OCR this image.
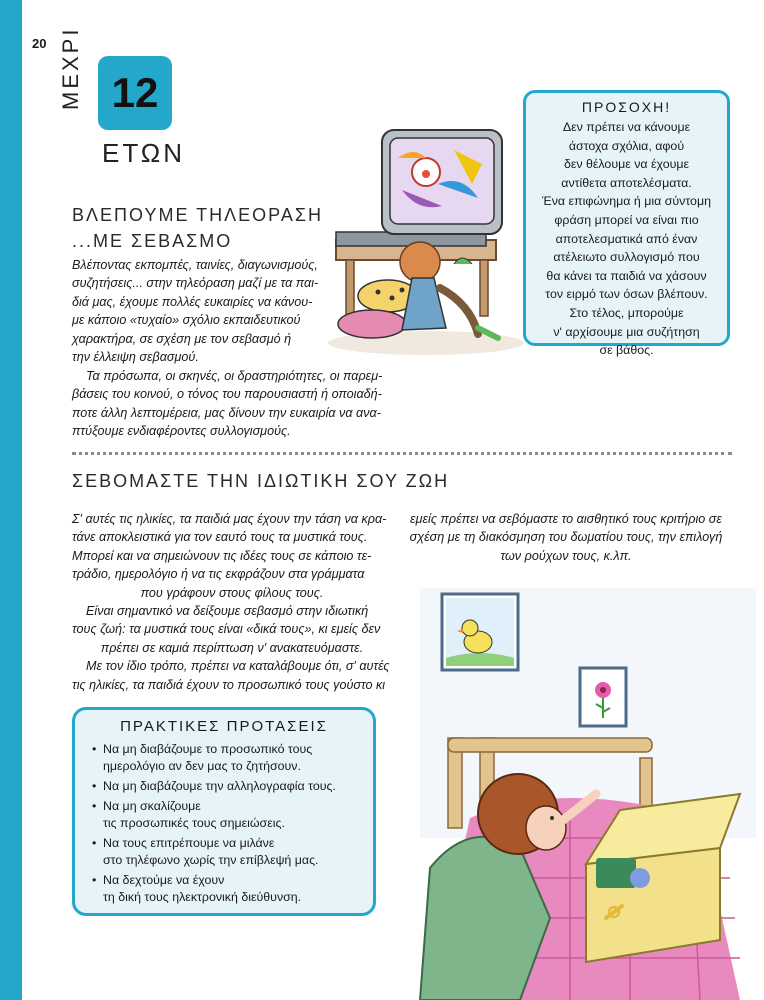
20 ΜΕΧΡΙ 12
ΕΤΩΝ
ΒΛΕΠΟΥΜΕ ΤΗΛΕΟΡΑΣΗ
...ΜΕ ΣΕΒΑΣΜΟ

Βλέποντας εκπομπές, ταινίες, διαγωνισμούς,

συζητήσεις... στην τηλεόραση μαζί με τα παι-

διά μας, έχουμε πολλές ευκαιρίες να κάνου-

με κάποιο «τυχαίο» σχόλιο εκπαιδευτικού

χαρακτήρα, σε σχέση με τον σεβασμό ή

την έλλειψη σεβασμού.

Τα πρόσωπα, οι σκηνές, οι δραστηριότητες, οι παρεμ-

βάσεις του κοινού, ο τόνος του παρουσιαστή ή οποιαδή-

ποτε άλλη λεπτομέρεια, μας δίνουν την ευκαιρία να ανα-

πτύξουμε ενδιαφέροντες συλλογισμούς.

ΠΡΟΣΟΧΗ!
Δεν πρέπει να κάνουμε
άστοχα σχόλια, αφού
δεν θέλουμε να έχουμε
αντίθετα αποτελέσματα.
Ένα επιφώνημα ή μια σύντομη
φράση μπορεί να είναι πιο
αποτελεσματικά από έναν
ατέλειωτο συλλογισμό που
θα κάνει τα παιδιά να χάσουν
τον ειρμό των όσων βλέπουν.
Στο τέλος, μπορούμε
ν' αρχίσουμε μια συζήτηση
σε βάθος.
ΣΕΒΟΜΑΣΤΕ ΤΗΝ ΙΔΙΩΤΙΚΗ ΣΟΥ ΖΩΗ

Σ' αυτές τις ηλικίες, τα παιδιά μας έχουν την τάση να κρα-

τάνε αποκλειστικά για τον εαυτό τους τα μυστικά τους.

Μπορεί και να σημειώνουν τις ιδέες τους σε κάποιο τε-

τράδιο, ημερολόγιο ή να τις εκφράζουν στα γράμματα

που γράφουν στους φίλους τους.

Είναι σημαντικό να δείξουμε σεβασμό στην ιδιωτική

τους ζωή: τα μυστικά τους είναι «δικά τους», κι εμείς δεν

πρέπει σε καμιά περίπτωση ν' ανακατευόμαστε.

Με τον ίδιο τρόπο, πρέπει να καταλάβουμε ότι, σ' αυτές

τις ηλικίες, τα παιδιά έχουν το προσωπικό τους γούστο κι

εμείς πρέπει να σεβόμαστε το αισθητικό τους κριτήριο σε

σχέση με τη διακόσμηση του δωματίου τους, την επιλογή

των ρούχων τους, κ.λπ.

ΠΡΑΚΤΙΚΕΣ ΠΡΟΤΑΣΕΙΣ
• Να μη διαβάζουμε το προσωπικό τους
ημερολόγιο αν δεν μας το ζητήσουν.
• Να μη διαβάζουμε την αλληλογραφία τους.
• Να μη σκαλίζουμε
τις προσωπικές τους σημειώσεις.
• Να τους επιτρέπουμε να μιλάνε
στο τηλέφωνο χωρίς την επίβλεψή μας.
• Να δεχτούμε να έχουν
τη δική τους ηλεκτρονική διεύθυνση.
